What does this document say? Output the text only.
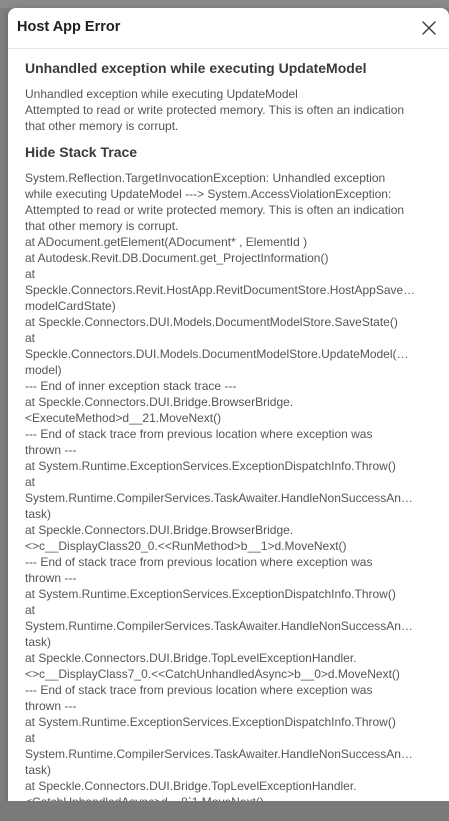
Host App Error
Unhandled exception while executing UpdateModel
Unhandled exception while executing UpdateModel
Attempted to read or write protected memory. This is often an indication
that other memory is corrupt.
Hide Stack Trace
System.Reflection.TargetInvocationException: Unhandled exception
while executing UpdateModel ---> System.AccessViolationException:
Attempted to read or write protected memory. This is often an indication
that other memory is corrupt.
at ADocument.getElement(ADocument* , ElementId )
at Autodesk.Revit.DB.Document.get_ProjectInformation()
at
Speckle.Connectors.Revit.HostApp.RevitDocumentStore.HostAppSave…
modelCardState)
at Speckle.Connectors.DUI.Models.DocumentModelStore.SaveState()
at
Speckle.Connectors.DUI.Models.DocumentModelStore.UpdateModel(…
model)
--- End of inner exception stack trace ---
at Speckle.Connectors.DUI.Bridge.BrowserBridge.
<ExecuteMethod>d__21.MoveNext()
--- End of stack trace from previous location where exception was
thrown ---
at System.Runtime.ExceptionServices.ExceptionDispatchInfo.Throw()
at
System.Runtime.CompilerServices.TaskAwaiter.HandleNonSuccessAn…
task)
at Speckle.Connectors.DUI.Bridge.BrowserBridge.
<>c__DisplayClass20_0.<<RunMethod>b__1>d.MoveNext()
--- End of stack trace from previous location where exception was
thrown ---
at System.Runtime.ExceptionServices.ExceptionDispatchInfo.Throw()
at
System.Runtime.CompilerServices.TaskAwaiter.HandleNonSuccessAn…
task)
at Speckle.Connectors.DUI.Bridge.TopLevelExceptionHandler.
<>c__DisplayClass7_0.<<CatchUnhandledAsync>b__0>d.MoveNext()
--- End of stack trace from previous location where exception was
thrown ---
at System.Runtime.ExceptionServices.ExceptionDispatchInfo.Throw()
at
System.Runtime.CompilerServices.TaskAwaiter.HandleNonSuccessAn…
task)
at Speckle.Connectors.DUI.Bridge.TopLevelExceptionHandler.
